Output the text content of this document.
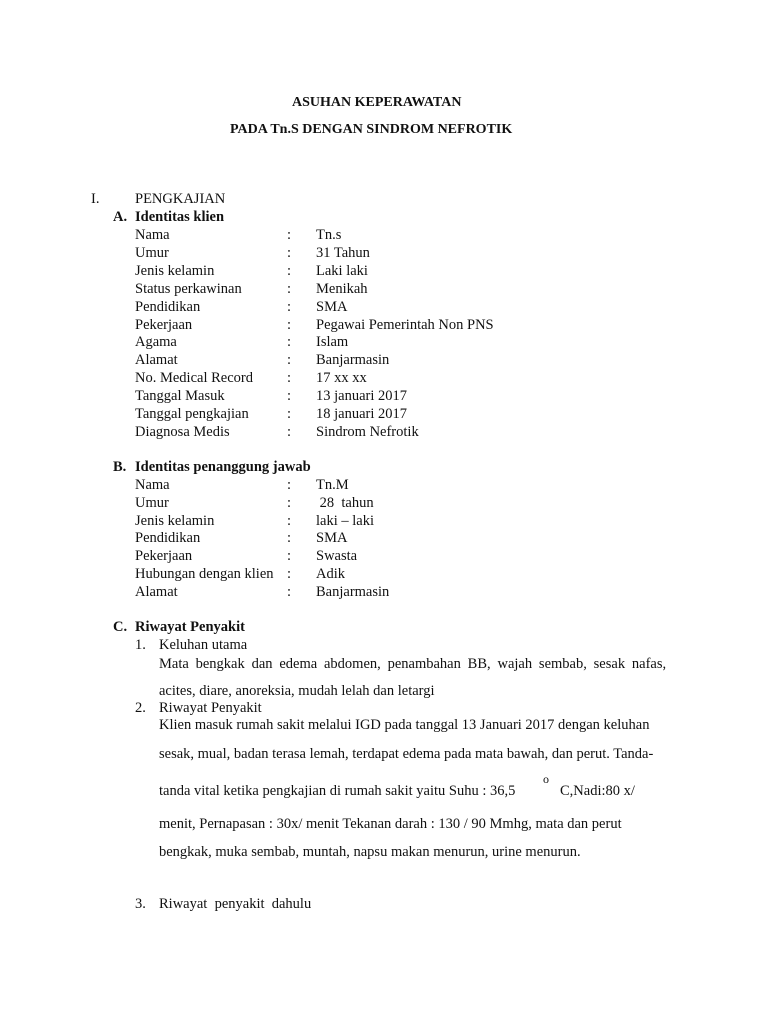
ASUHAN KEPERAWATAN
PADA Tn.S DENGAN SINDROM NEFROTIK
I. PENGKAJIAN
A. Identitas klien
Nama	: Tn.s
Umur	: 31 Tahun
Jenis kelamin	: Laki laki
Status perkawinan	: Menikah
Pendidikan	: SMA
Pekerjaan	: Pegawai Pemerintah Non PNS
Agama	: Islam
Alamat	: Banjarmasin
No. Medical Record : 17 xx xx
Tanggal Masuk	: 13 januari 2017
Tanggal pengkajian	: 18 januari 2017
Diagnosa Medis	: Sindrom Nefrotik
B. Identitas penanggung jawab
Nama	: Tn.M
Umur	: 28  tahun
Jenis kelamin	: laki – laki
Pendidikan	: SMA
Pekerjaan	: Swasta
Hubungan dengan klien : Adik
Alamat	: Banjarmasin
C. Riwayat Penyakit
1. Keluhan utama
Mata bengkak dan edema abdomen, penambahan BB, wajah sembab, sesak nafas,
acites, diare, anoreksia, mudah lelah dan letargi
2. Riwayat Penyakit
Klien masuk rumah sakit melalui IGD pada tanggal 13 Januari 2017 dengan keluhan
sesak, mual, badan terasa lemah, terdapat edema pada mata bawah, dan perut. Tanda-
tanda vital ketika pengkajian di rumah sakit yaitu Suhu : 36,5
o
C,Nadi:80 x/
menit, Pernapasan : 30x/ menit Tekanan darah : 130 / 90 Mmhg, mata dan perut
bengkak, muka sembab, muntah, napsu makan menurun, urine menurun.
3. Riwayat  penyakit  dahulu
